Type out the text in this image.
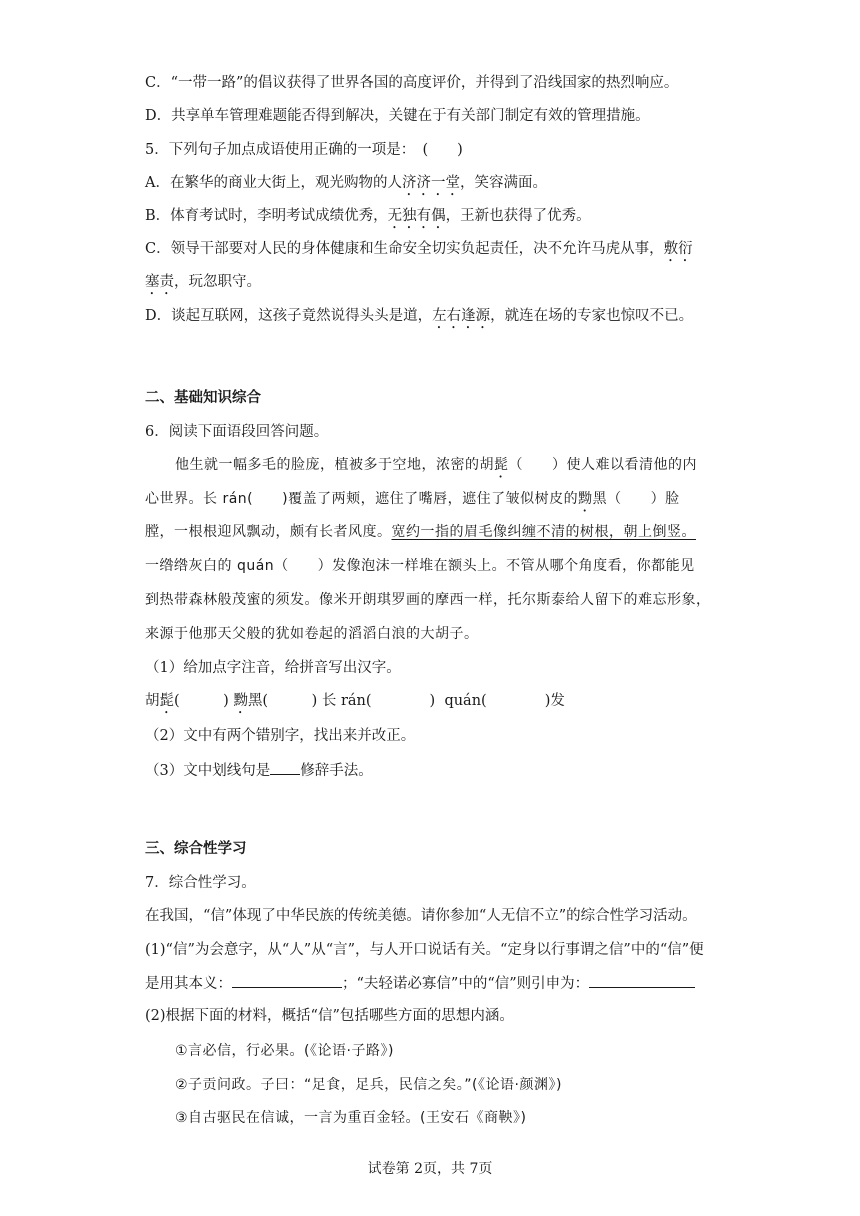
C．“一带一路”的倡议获得了世界各国的高度评价，并得到了沿线国家的热烈响应。
D．共享单车管理难题能否得到解决，关键在于有关部门制定有效的管理措施。
5．下列句子加点成语使用正确的一项是：　(　　)
A．在繁华的商业大街上，观光购物的人济济一堂，笑容满面。
B．体育考试时，李明考试成绩优秀，无独有偶，王新也获得了优秀。
C．领导干部要对人民的身体健康和生命安全切实负起责任，决不允许马虎从事，敷衍
塞责，玩忽职守。
D．谈起互联网，这孩子竟然说得头头是道，左右逢源，就连在场的专家也惊叹不已。
二、基础知识综合
6．阅读下面语段回答问题。
他生就一幅多毛的脸庞，植被多于空地，浓密的胡髭（　　）使人难以看清他的内
心世界。长 rán(　　)覆盖了两颊，遮住了嘴唇，遮住了皱似树皮的黝黑（　　）脸
膛，一根根迎风飘动，颇有长者风度。宽约一指的眉毛像纠缠不清的树根，朝上倒竖。
一绺绺灰白的 quán（　　）发像泡沫一样堆在额头上。不管从哪个角度看，你都能见
到热带森林般茂蜜的须发。像米开朗琪罗画的摩西一样，托尔斯泰给人留下的难忘形象，
来源于他那天父般的犹如卷起的滔滔白浪的大胡子。
（1）给加点字注音，给拼音写出汉字。
胡髭(　　　) 黝黑(　　　) 长 rán(　　　　) quán(　　　　)发
（2）文中有两个错别字，找出来并改正。
（3）文中划线句是 修辞手法。
三、综合性学习
7．综合性学习。
在我国，“信”体现了中华民族的传统美德。请你参加“人无信不立”的综合性学习活动。
(1)“信”为会意字，从“人”从“言”，与人开口说话有关。“定身以行事谓之信”中的“信”便
是用其本义：	；“夫轻诺必寡信”中的“信”则引申为：
(2)根据下面的材料，概括“信”包括哪些方面的思想内涵。
①言必信，行必果。(《论语·子路》)
②子贡问政。子曰：“足食，足兵，民信之矣。”(《论语·颜渊》)
③自古驱民在信诚，一言为重百金轻。(王安石《商鞅》)
试卷第 2页，共 7页
